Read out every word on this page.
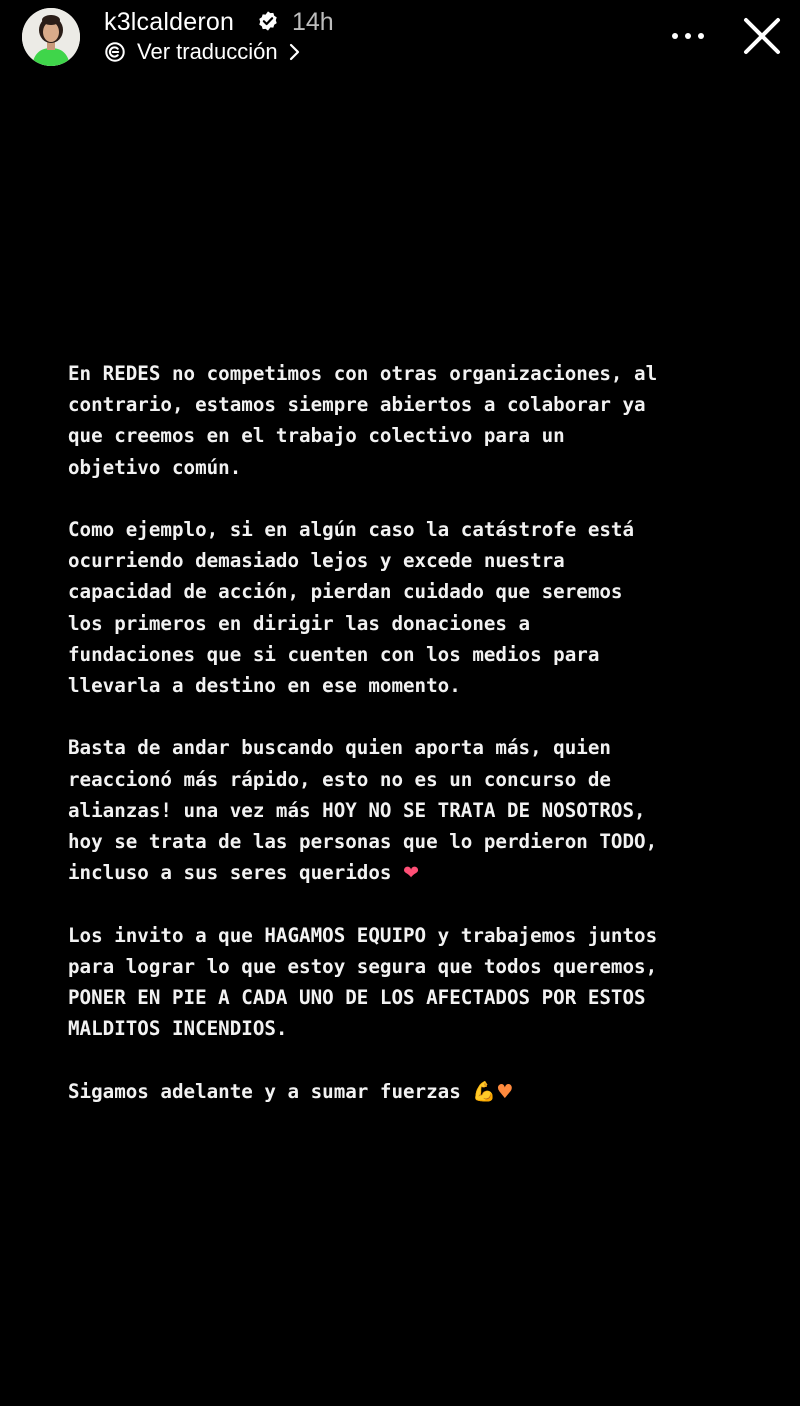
k3lcalderon 14h
Ver traducción

En REDES no competimos con otras organizaciones, al
contrario, estamos siempre abiertos a colaborar ya
que creemos en el trabajo colectivo para un
objetivo común.

Como ejemplo, si en algún caso la catástrofe está
ocurriendo demasiado lejos y excede nuestra
capacidad de acción, pierdan cuidado que seremos
los primeros en dirigir las donaciones a
fundaciones que si cuenten con los medios para
llevarla a destino en ese momento.

Basta de andar buscando quien aporta más, quien
reaccionó más rápido, esto no es un concurso de
alianzas! una vez más HOY NO SE TRATA DE NOSOTROS,
hoy se trata de las personas que lo perdieron TODO,
incluso a sus seres queridos ❤

Los invito a que HAGAMOS EQUIPO y trabajemos juntos
para lograr lo que estoy segura que todos queremos,
PONER EN PIE A CADA UNO DE LOS AFECTADOS POR ESTOS
MALDITOS INCENDIOS.

Sigamos adelante y a sumar fuerzas 💪♥
